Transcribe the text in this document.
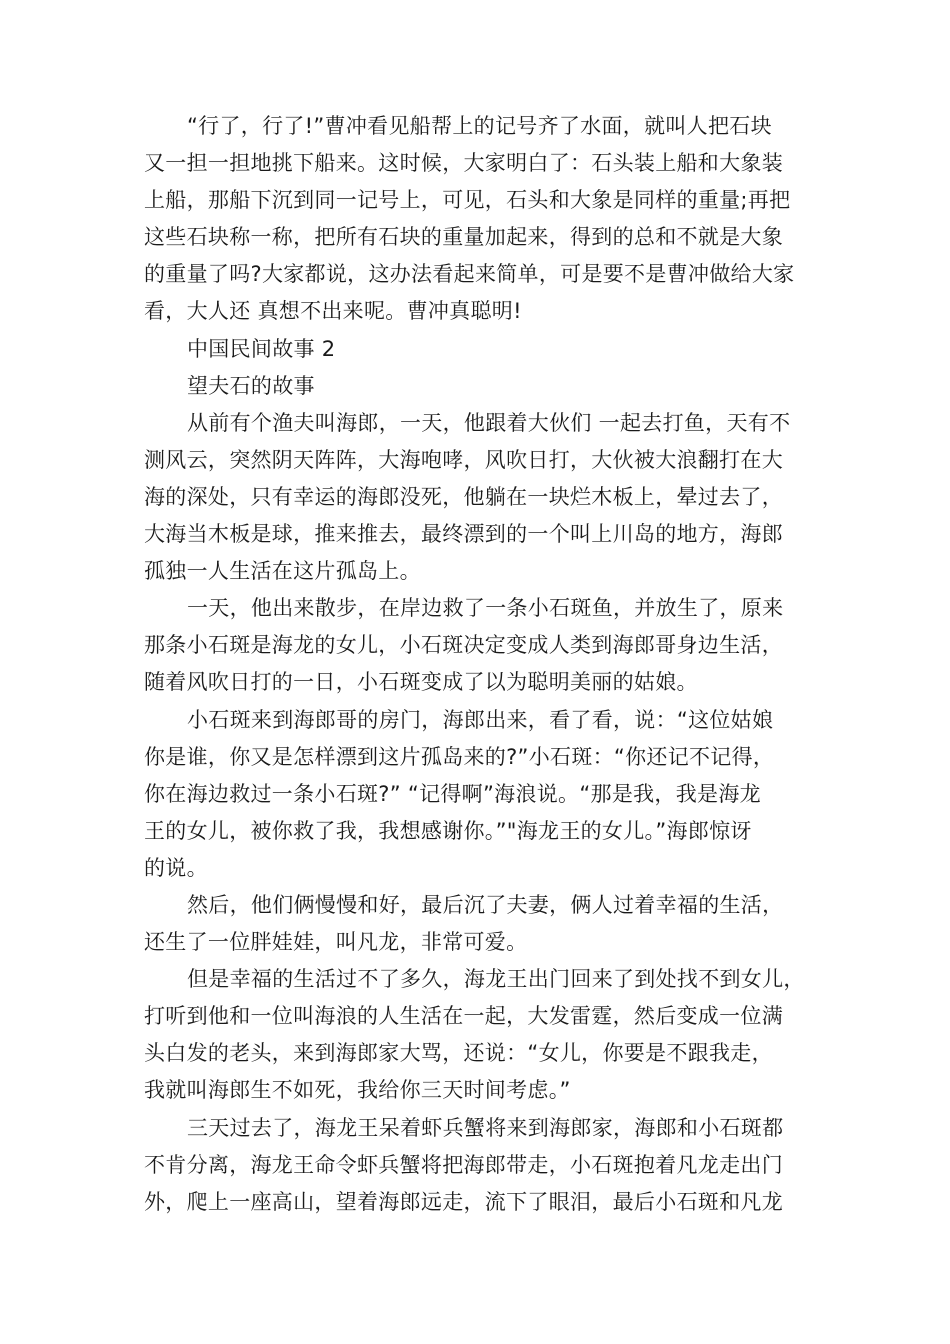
“行了，行了!”曹冲看见船帮上的记号齐了水面，就叫人把石块
又一担一担地挑下船来。这时候，大家明白了：石头装上船和大象装
上船，那船下沉到同一记号上，可见，石头和大象是同样的重量;再把
这些石块称一称，把所有石块的重量加起来，得到的总和不就是大象
的重量了吗?大家都说，这办法看起来简单，可是要不是曹冲做给大家
看，大人还 真想不出来呢。曹冲真聪明!
中国民间故事 2
望夫石的故事
从前有个渔夫叫海郎，一天，他跟着大伙们 一起去打鱼，天有不
测风云，突然阴天阵阵，大海咆哮，风吹日打，大伙被大浪翻打在大
海的深处，只有幸运的海郎没死，他躺在一块烂木板上，晕过去了，
大海当木板是球，推来推去，最终漂到的一个叫上川岛的地方，海郎
孤独一人生活在这片孤岛上。
一天，他出来散步，在岸边救了一条小石斑鱼，并放生了，原来
那条小石斑是海龙的女儿，小石斑决定变成人类到海郎哥身边生活，
随着风吹日打的一日，小石斑变成了以为聪明美丽的姑娘。
小石斑来到海郎哥的房门，海郎出来，看了看，说：“这位姑娘
你是谁，你又是怎样漂到这片孤岛来的?”小石斑：“你还记不记得，
你在海边救过一条小石斑?” “记得啊”海浪说。“那是我，我是海龙
王的女儿，被你救了我，我想感谢你。”"海龙王的女儿。”海郎惊讶
的说。
然后，他们俩慢慢和好，最后沉了夫妻，俩人过着幸福的生活，
还生了一位胖娃娃，叫凡龙，非常可爱。
但是幸福的生活过不了多久，海龙王出门回来了到处找不到女儿，
打听到他和一位叫海浪的人生活在一起，大发雷霆，然后变成一位满
头白发的老头，来到海郎家大骂，还说：“女儿，你要是不跟我走，
我就叫海郎生不如死，我给你三天时间考虑。”
三天过去了，海龙王呆着虾兵蟹将来到海郎家，海郎和小石斑都
不肯分离，海龙王命令虾兵蟹将把海郎带走，小石斑抱着凡龙走出门
外，爬上一座高山，望着海郎远走，流下了眼泪，最后小石斑和凡龙
